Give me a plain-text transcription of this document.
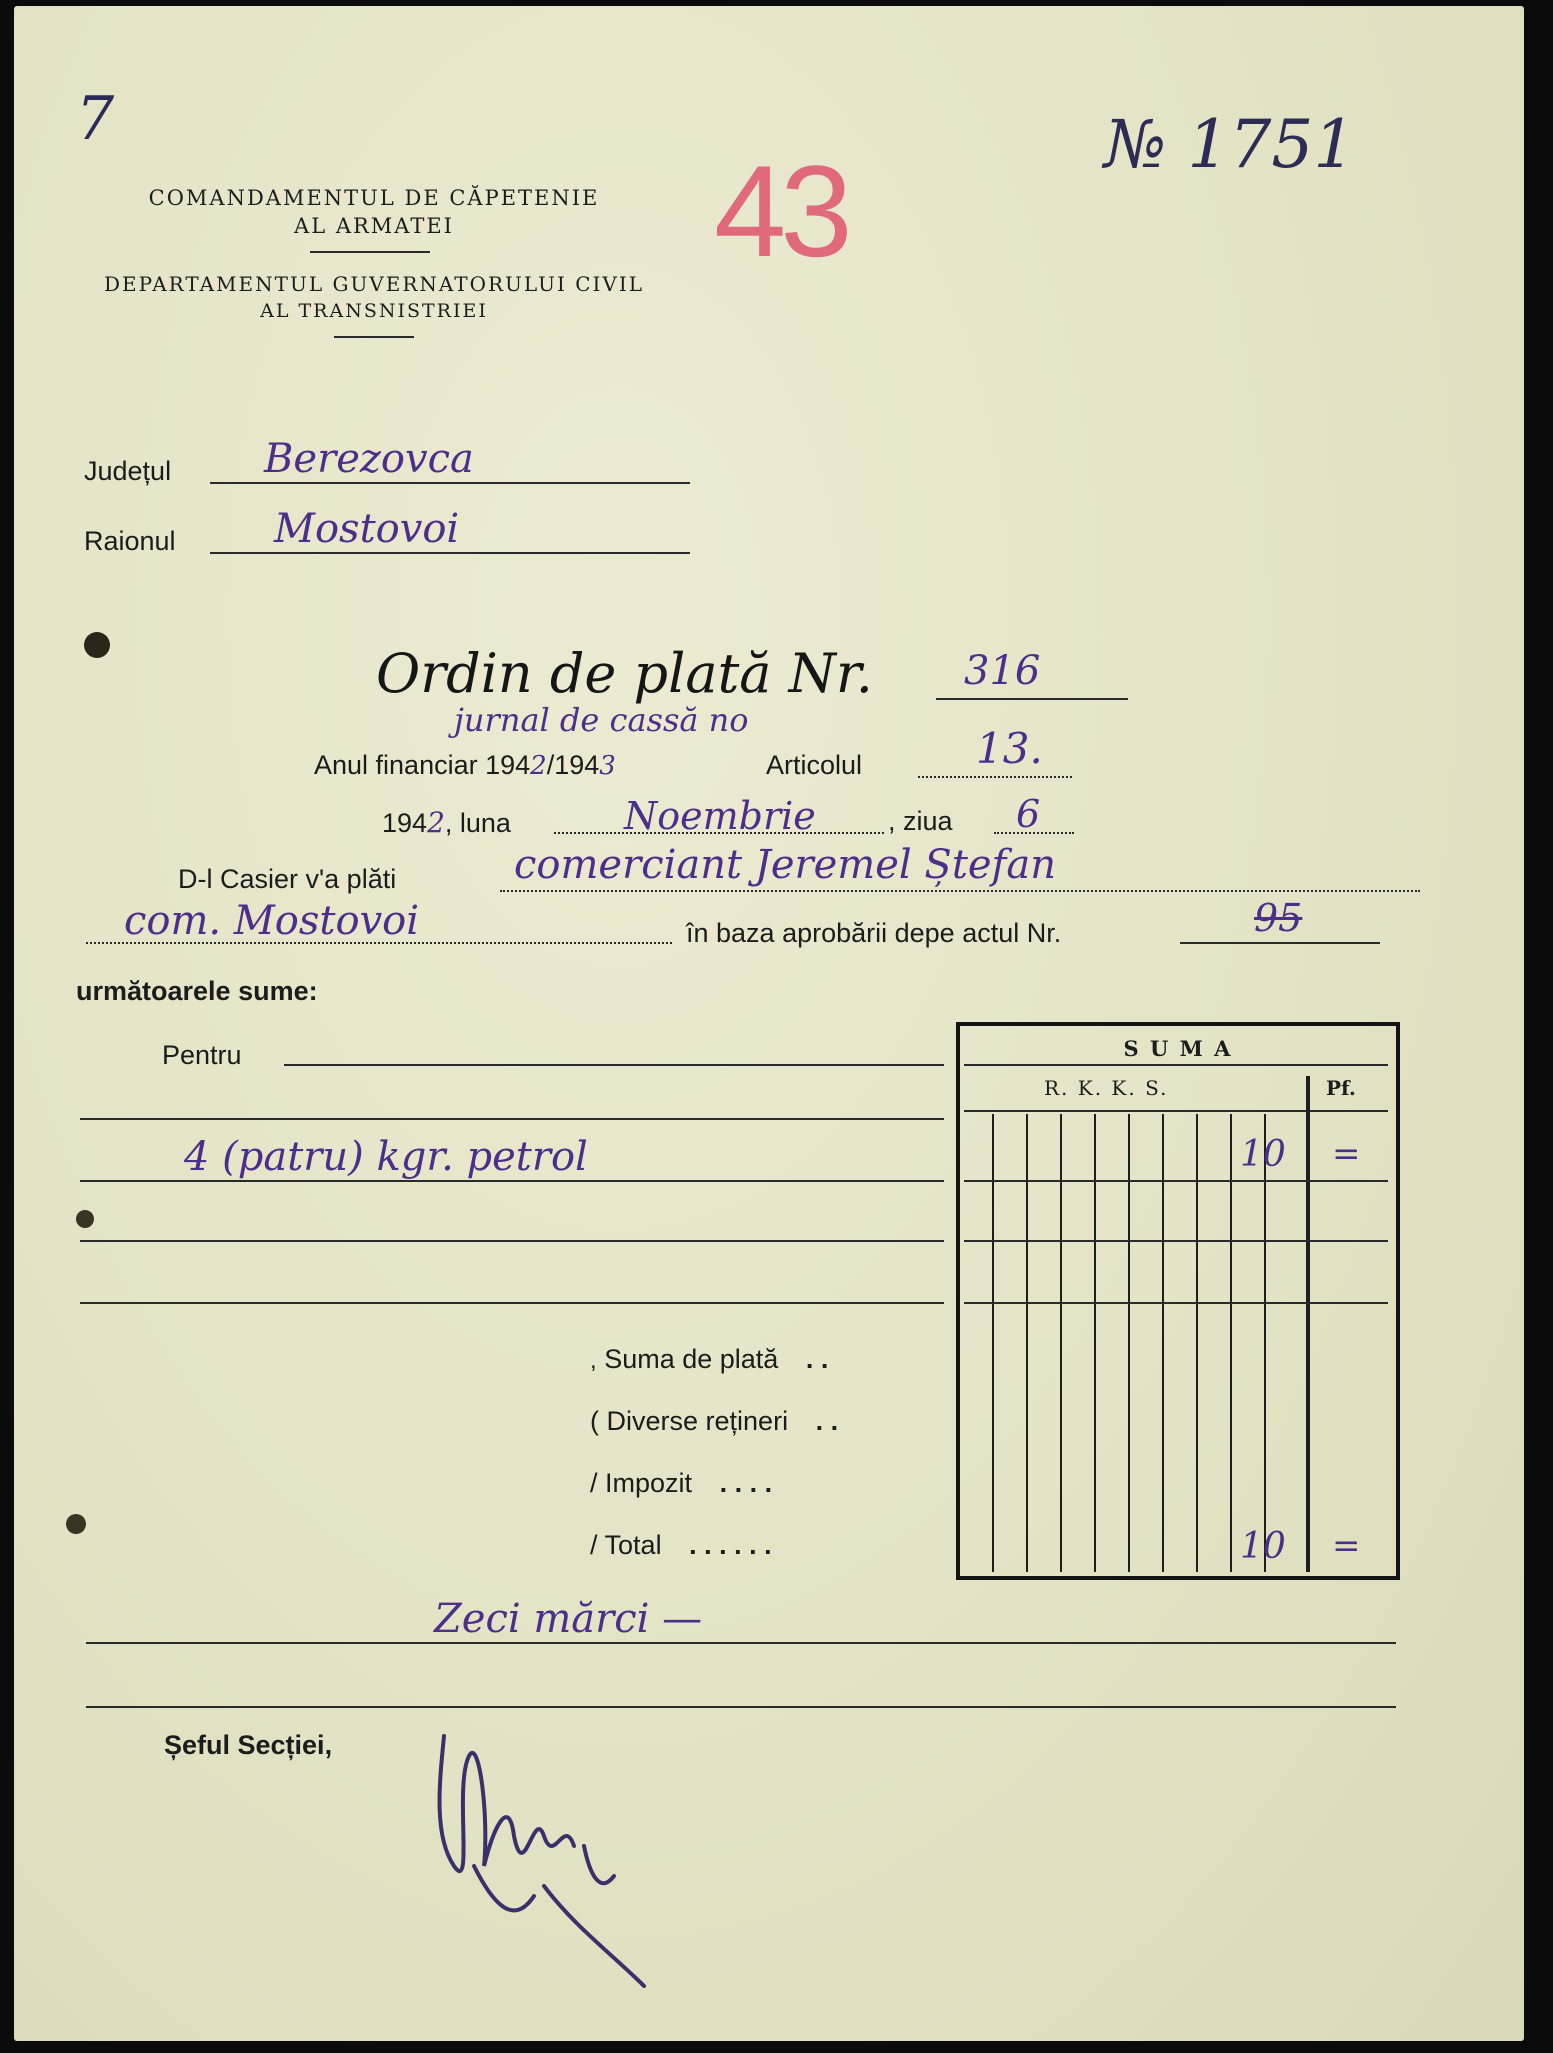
7
COMANDAMENTUL DE CĂPETENIE
AL ARMATEI
DEPARTAMENTUL GUVERNATORULUI CIVIL
AL TRANSNISTRIEI
43	№ 1751
Județul Berezovca
Raionul Mostovoi
Ordin de plată Nr. 316
jurnal de cassă no
Anul financiar 1942/1943	Articolul	13.
1942, luna	Noembrie	, ziua 6
D-l Casier v'a plăti	comerciant Jeremel Ștefan
com. Mostovoi	în baza aprobării depe actul Nr.	95
următoarele sume:
Pentru
4 (patru) kgr. petrol
S U M A
R. K. K. S.	Pf.
10 =
10 =
, Suma de plată . .
( Diverse rețineri . .
/ Impozit . . . .
/ Total . . . . . .
Zeci mărci —
Șeful Secției,
